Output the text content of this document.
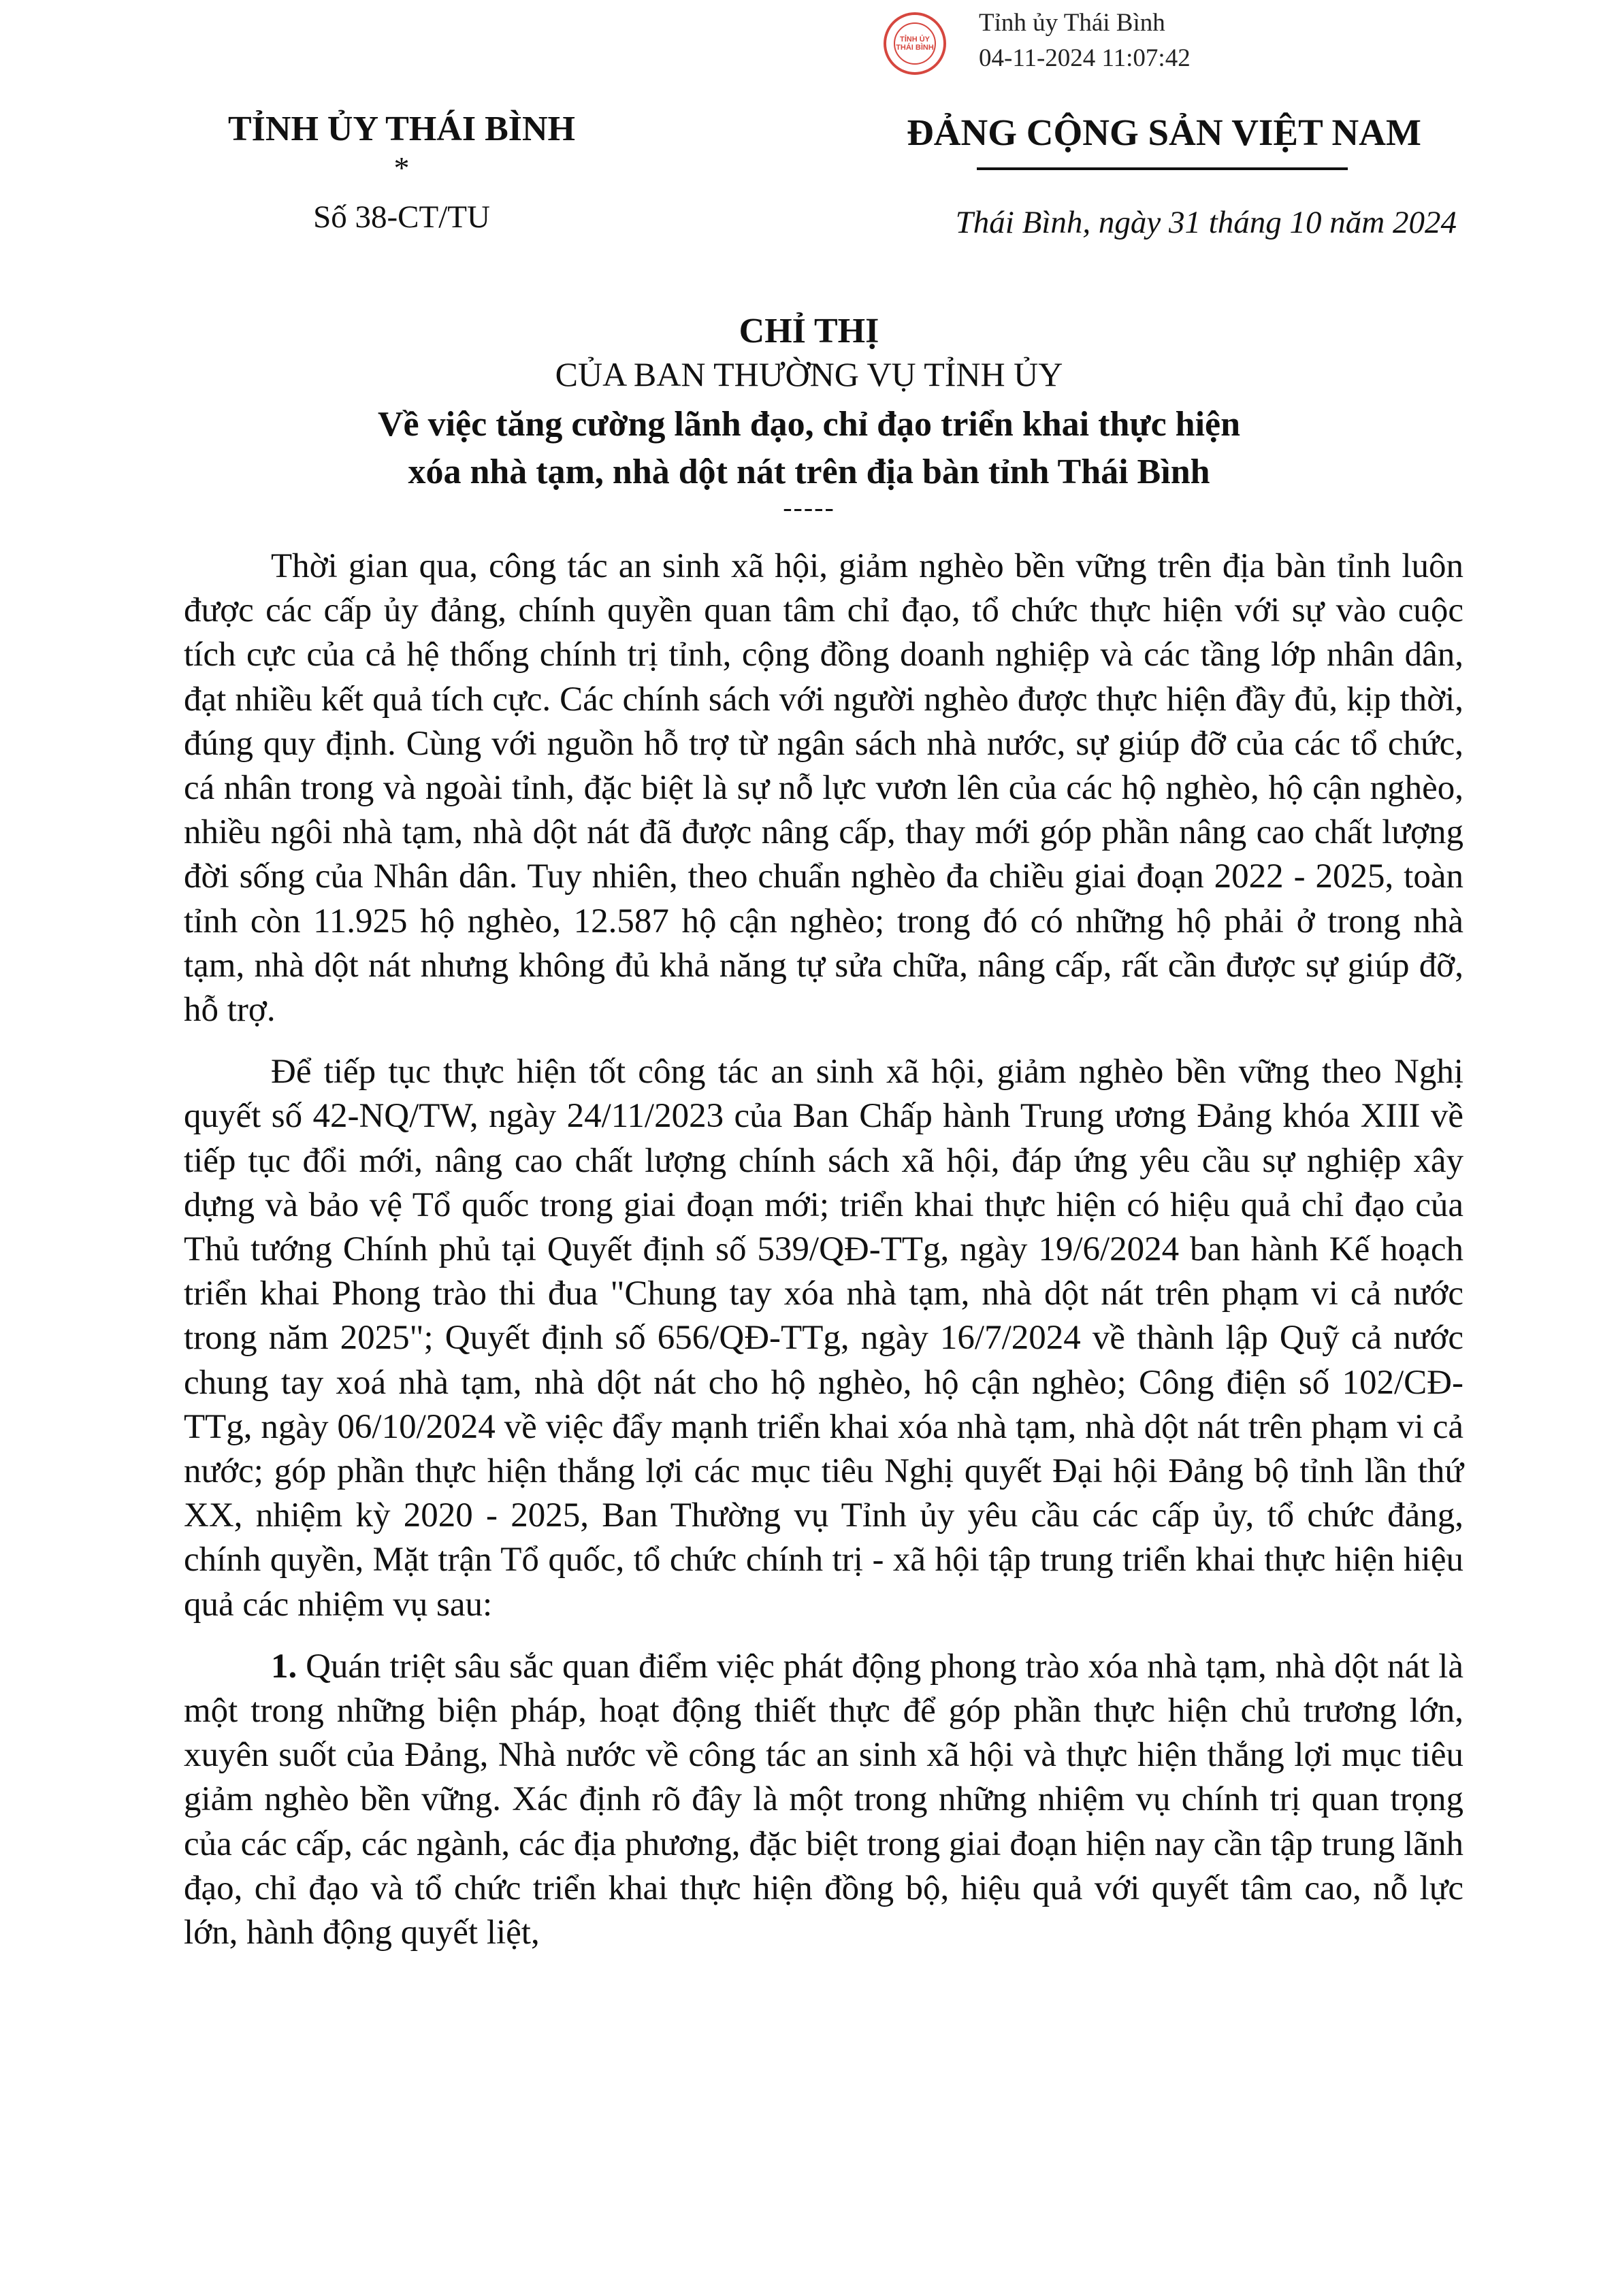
TỈNH ỦY
THÁI BÌNH
Tỉnh ủy Thái Bình
04-11-2024 11:07:42
TỈNH ỦY THÁI BÌNH
*
Số 38-CT/TU
ĐẢNG CỘNG SẢN VIỆT NAM
Thái Bình, ngày 31 tháng 10 năm 2024
CHỈ THỊ
CỦA BAN THƯỜNG VỤ TỈNH ỦY
Về việc tăng cường lãnh đạo, chỉ đạo triển khai thực hiện
xóa nhà tạm, nhà dột nát trên địa bàn tỉnh Thái Bình
-----

Thời gian qua, công tác an sinh xã hội, giảm nghèo bền vững trên địa bàn tỉnh luôn được các cấp ủy đảng, chính quyền quan tâm chỉ đạo, tổ chức thực hiện với sự vào cuộc tích cực của cả hệ thống chính trị tỉnh, cộng đồng doanh nghiệp và các tầng lớp nhân dân, đạt nhiều kết quả tích cực. Các chính sách với người nghèo được thực hiện đầy đủ, kịp thời, đúng quy định. Cùng với nguồn hỗ trợ từ ngân sách nhà nước, sự giúp đỡ của các tổ chức, cá nhân trong và ngoài tỉnh, đặc biệt là sự nỗ lực vươn lên của các hộ nghèo, hộ cận nghèo, nhiều ngôi nhà tạm, nhà dột nát đã được nâng cấp, thay mới góp phần nâng cao chất lượng đời sống của Nhân dân. Tuy nhiên, theo chuẩn nghèo đa chiều giai đoạn 2022 - 2025, toàn tỉnh còn 11.925 hộ nghèo, 12.587 hộ cận nghèo; trong đó có những hộ phải ở trong nhà tạm, nhà dột nát nhưng không đủ khả năng tự sửa chữa, nâng cấp, rất cần được sự giúp đỡ, hỗ trợ.

Để tiếp tục thực hiện tốt công tác an sinh xã hội, giảm nghèo bền vững theo Nghị quyết số 42-NQ/TW, ngày 24/11/2023 của Ban Chấp hành Trung ương Đảng khóa XIII về tiếp tục đổi mới, nâng cao chất lượng chính sách xã hội, đáp ứng yêu cầu sự nghiệp xây dựng và bảo vệ Tổ quốc trong giai đoạn mới; triển khai thực hiện có hiệu quả chỉ đạo của Thủ tướng Chính phủ tại Quyết định số 539/QĐ-TTg, ngày 19/6/2024 ban hành Kế hoạch triển khai Phong trào thi đua "Chung tay xóa nhà tạm, nhà dột nát trên phạm vi cả nước trong năm 2025"; Quyết định số 656/QĐ-TTg, ngày 16/7/2024 về thành lập Quỹ cả nước chung tay xoá nhà tạm, nhà dột nát cho hộ nghèo, hộ cận nghèo; Công điện số 102/CĐ-TTg, ngày 06/10/2024 về việc đẩy mạnh triển khai xóa nhà tạm, nhà dột nát trên phạm vi cả nước; góp phần thực hiện thắng lợi các mục tiêu Nghị quyết Đại hội Đảng bộ tỉnh lần thứ XX, nhiệm kỳ 2020 - 2025, Ban Thường vụ Tỉnh ủy yêu cầu các cấp ủy, tổ chức đảng, chính quyền, Mặt trận Tổ quốc, tổ chức chính trị - xã hội tập trung triển khai thực hiện hiệu quả các nhiệm vụ sau:

1. Quán triệt sâu sắc quan điểm việc phát động phong trào xóa nhà tạm, nhà dột nát là một trong những biện pháp, hoạt động thiết thực để góp phần thực hiện chủ trương lớn, xuyên suốt của Đảng, Nhà nước về công tác an sinh xã hội và thực hiện thắng lợi mục tiêu giảm nghèo bền vững. Xác định rõ đây là một trong những nhiệm vụ chính trị quan trọng của các cấp, các ngành, các địa phương, đặc biệt trong giai đoạn hiện nay cần tập trung lãnh đạo, chỉ đạo và tổ chức triển khai thực hiện đồng bộ, hiệu quả với quyết tâm cao, nỗ lực lớn, hành động quyết liệt,
